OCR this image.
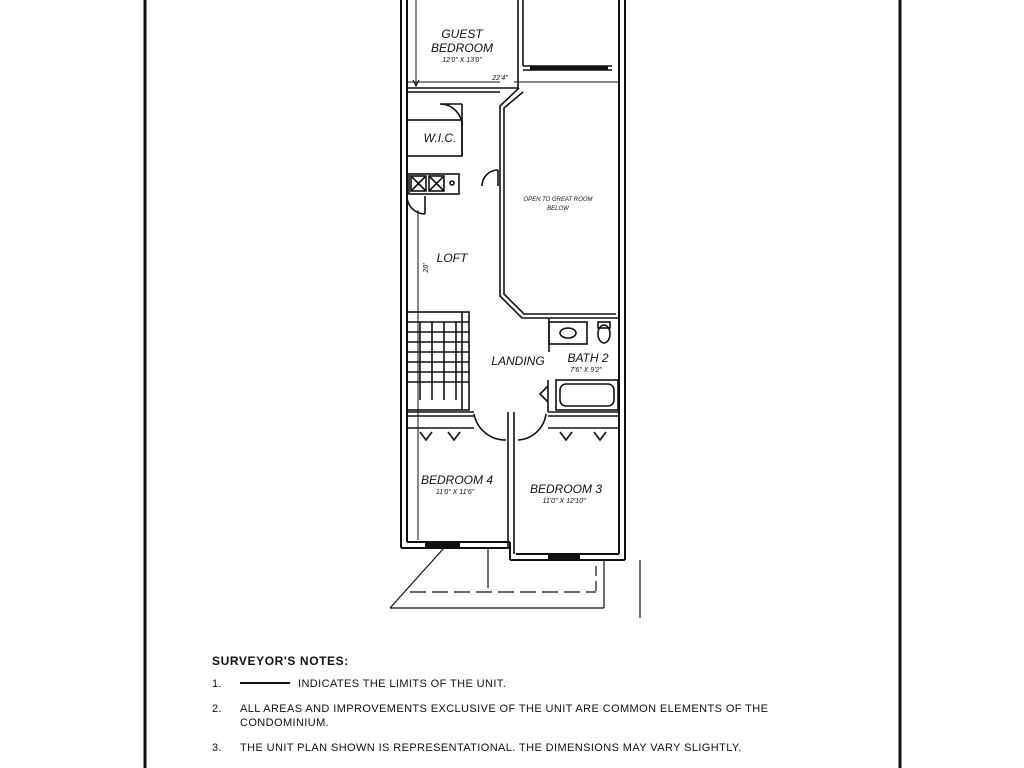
GUEST
BEDROOM
12'0" X 13'0"
22'4"
W.I.C.
OPEN TO GREAT ROOM
BELOW
LOFT
20'
LANDING BATH 2
7'6" X 9'2"
BEDROOM 4
11'0" X 11'6"	BEDROOM 3
11'0" X 12'10"
SURVEYOR'S NOTES:
1.	INDICATES THE LIMITS OF THE UNIT.
2.	ALL AREAS AND IMPROVEMENTS EXCLUSIVE OF THE UNIT ARE COMMON ELEMENTS OF THE CONDOMINIUM.
3.	THE UNIT PLAN SHOWN IS REPRESENTATIONAL. THE DIMENSIONS MAY VARY SLIGHTLY.
